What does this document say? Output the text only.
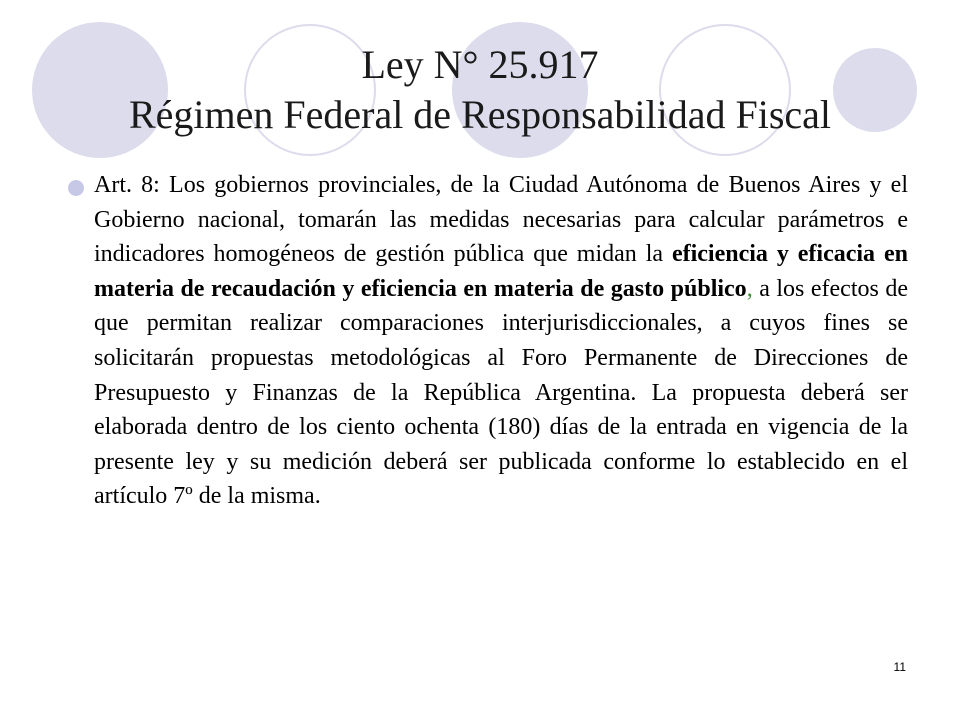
Ley N° 25.917
Régimen Federal de Responsabilidad Fiscal
Art. 8: Los gobiernos provinciales, de la Ciudad Autónoma de Buenos Aires y el Gobierno nacional, tomarán las medidas necesarias para calcular parámetros e indicadores homogéneos de gestión pública que midan la eficiencia y eficacia en materia de recaudación y eficiencia en materia de gasto público, a los efectos de que permitan realizar comparaciones interjurisdiccionales, a cuyos fines se solicitarán propuestas metodológicas al Foro Permanente de Direcciones de Presupuesto y Finanzas de la República Argentina. La propuesta deberá ser elaborada dentro de los ciento ochenta (180) días de la entrada en vigencia de la presente ley y su medición deberá ser publicada conforme lo establecido en el artículo 7º de la misma.
11
